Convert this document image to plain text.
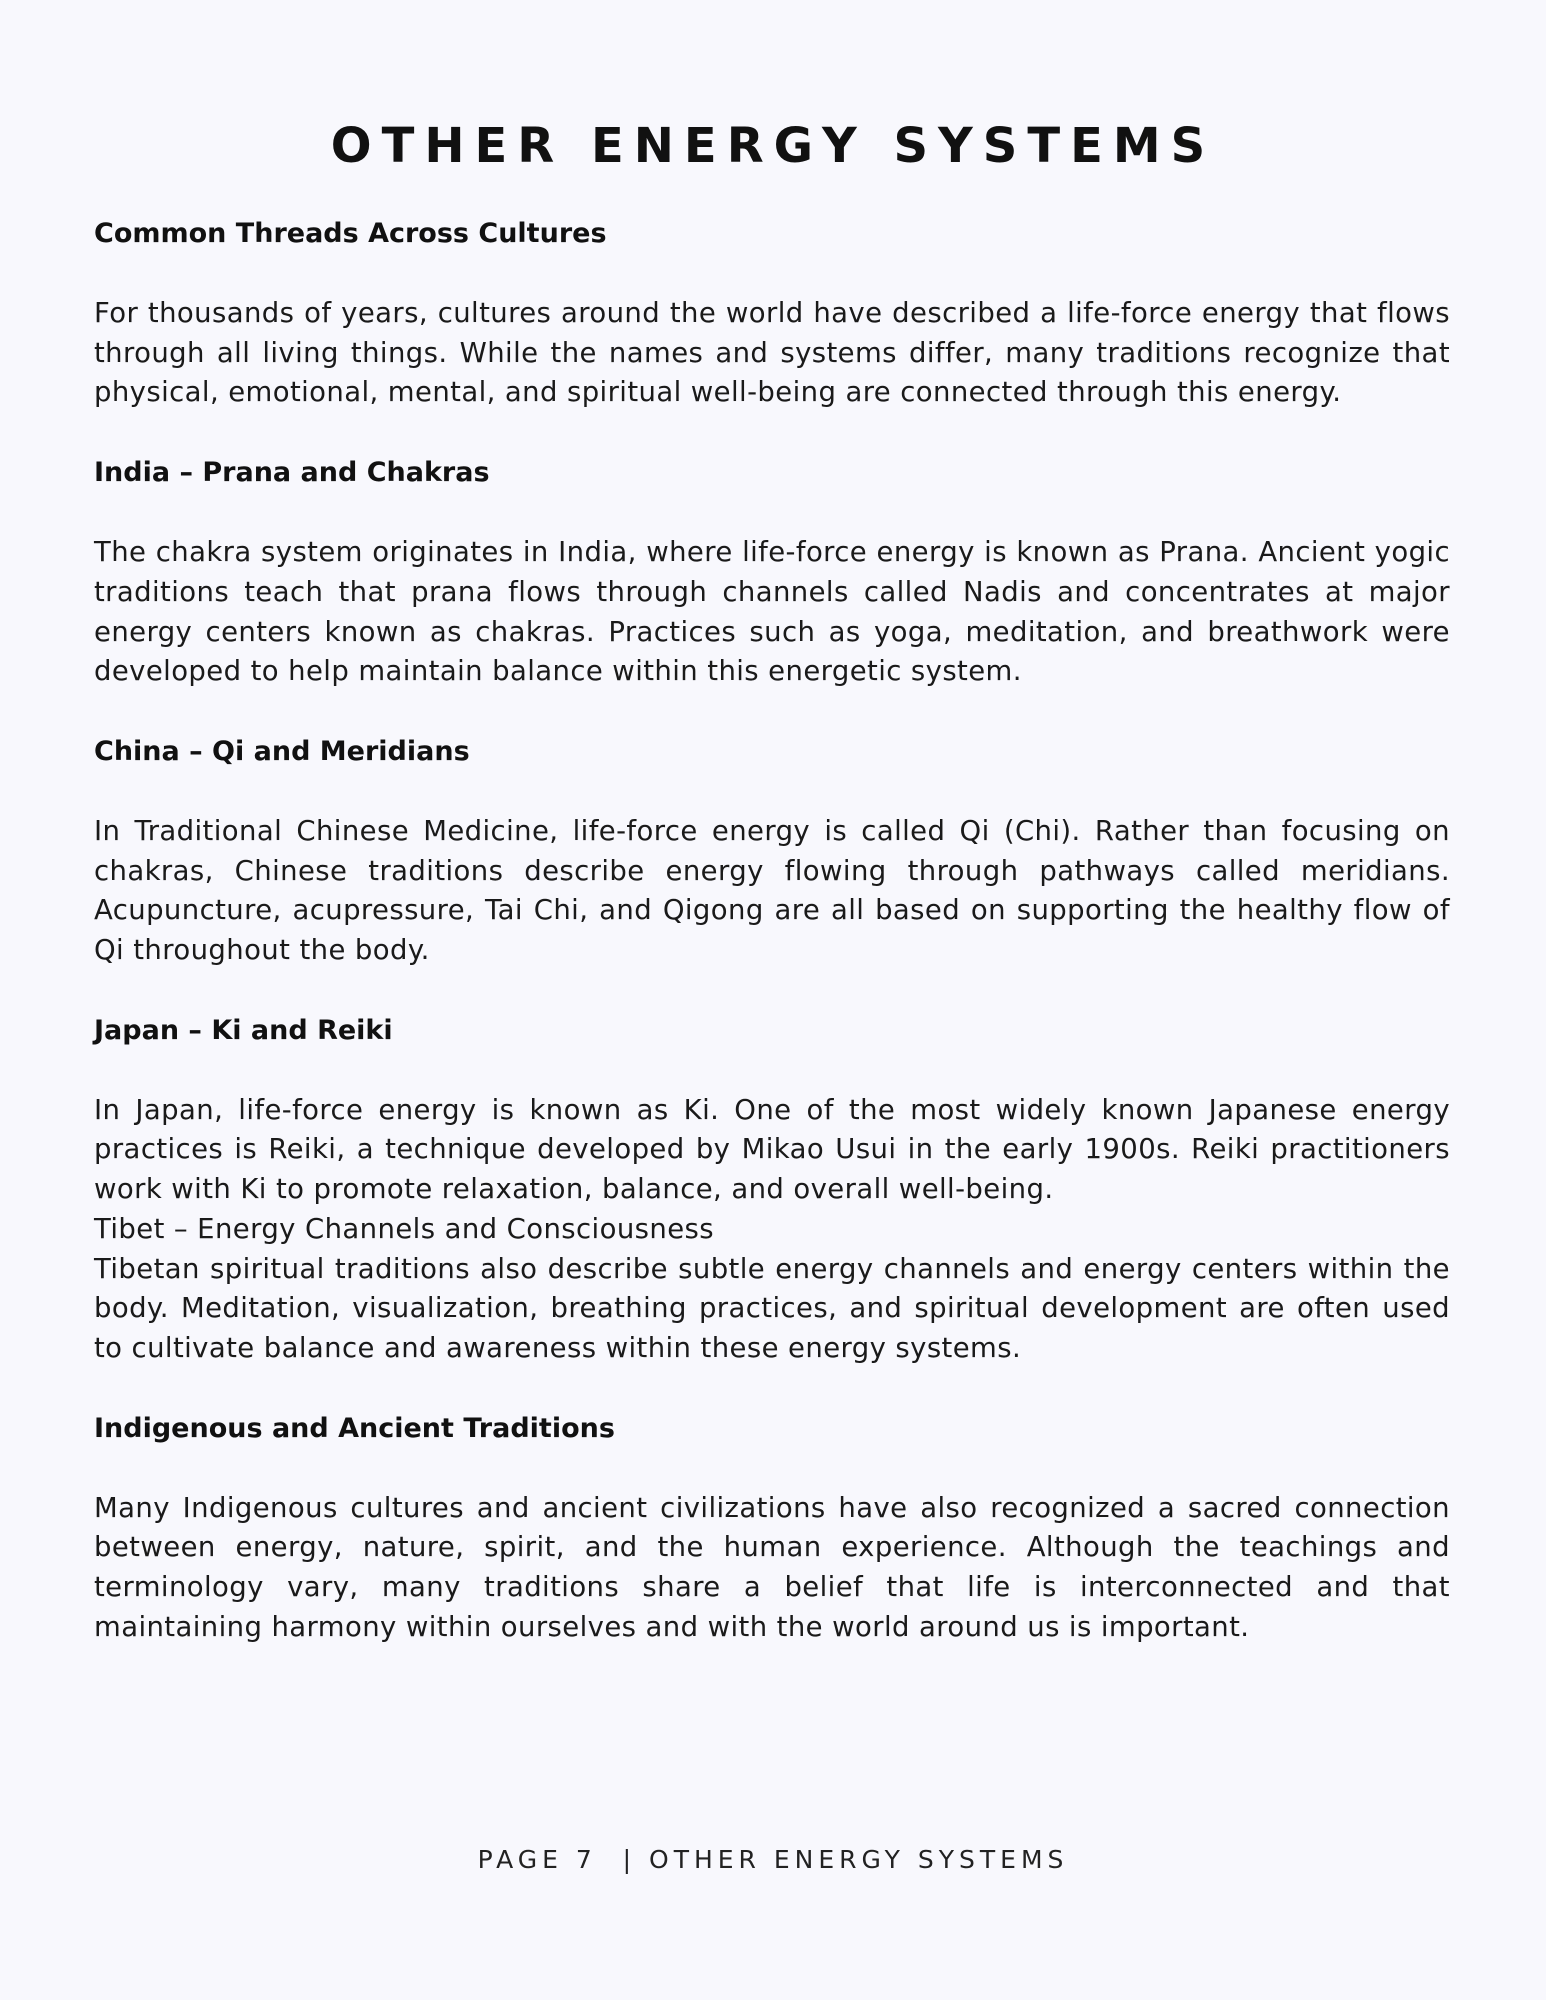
OTHER ENERGY SYSTEMS
Common Threads Across Cultures

For thousands of years, cultures around the world have described a life-force energy that flows through all living things. While the names and systems differ, many traditions recognize that physical, emotional, mental, and spiritual well-being are connected through this energy.

India – Prana and Chakras

The chakra system originates in India, where life-force energy is known as Prana. Ancient yogic traditions teach that prana flows through channels called Nadis and concentrates at major energy centers known as chakras. Practices such as yoga, meditation, and breathwork were developed to help maintain balance within this energetic system.

China – Qi and Meridians

In Traditional Chinese Medicine, life-force energy is called Qi (Chi). Rather than focusing on chakras, Chinese traditions describe energy flowing through pathways called meridians. Acupuncture, acupressure, Tai Chi, and Qigong are all based on supporting the healthy flow of Qi throughout the body.

Japan – Ki and Reiki

In Japan, life-force energy is known as Ki. One of the most widely known Japanese energy practices is Reiki, a technique developed by Mikao Usui in the early 1900s. Reiki practitioners work with Ki to promote relaxation, balance, and overall well-being.

Tibet – Energy Channels and Consciousness

Tibetan spiritual traditions also describe subtle energy channels and energy centers within the body. Meditation, visualization, breathing practices, and spiritual development are often used to cultivate balance and awareness within these energy systems.

Indigenous and Ancient Traditions

Many Indigenous cultures and ancient civilizations have also recognized a sacred connection between energy, nature, spirit, and the human experience. Although the teachings and terminology vary, many traditions share a belief that life is interconnected and that maintaining harmony within ourselves and with the world around us is important.

PAGE 7  | OTHER ENERGY SYSTEMS
